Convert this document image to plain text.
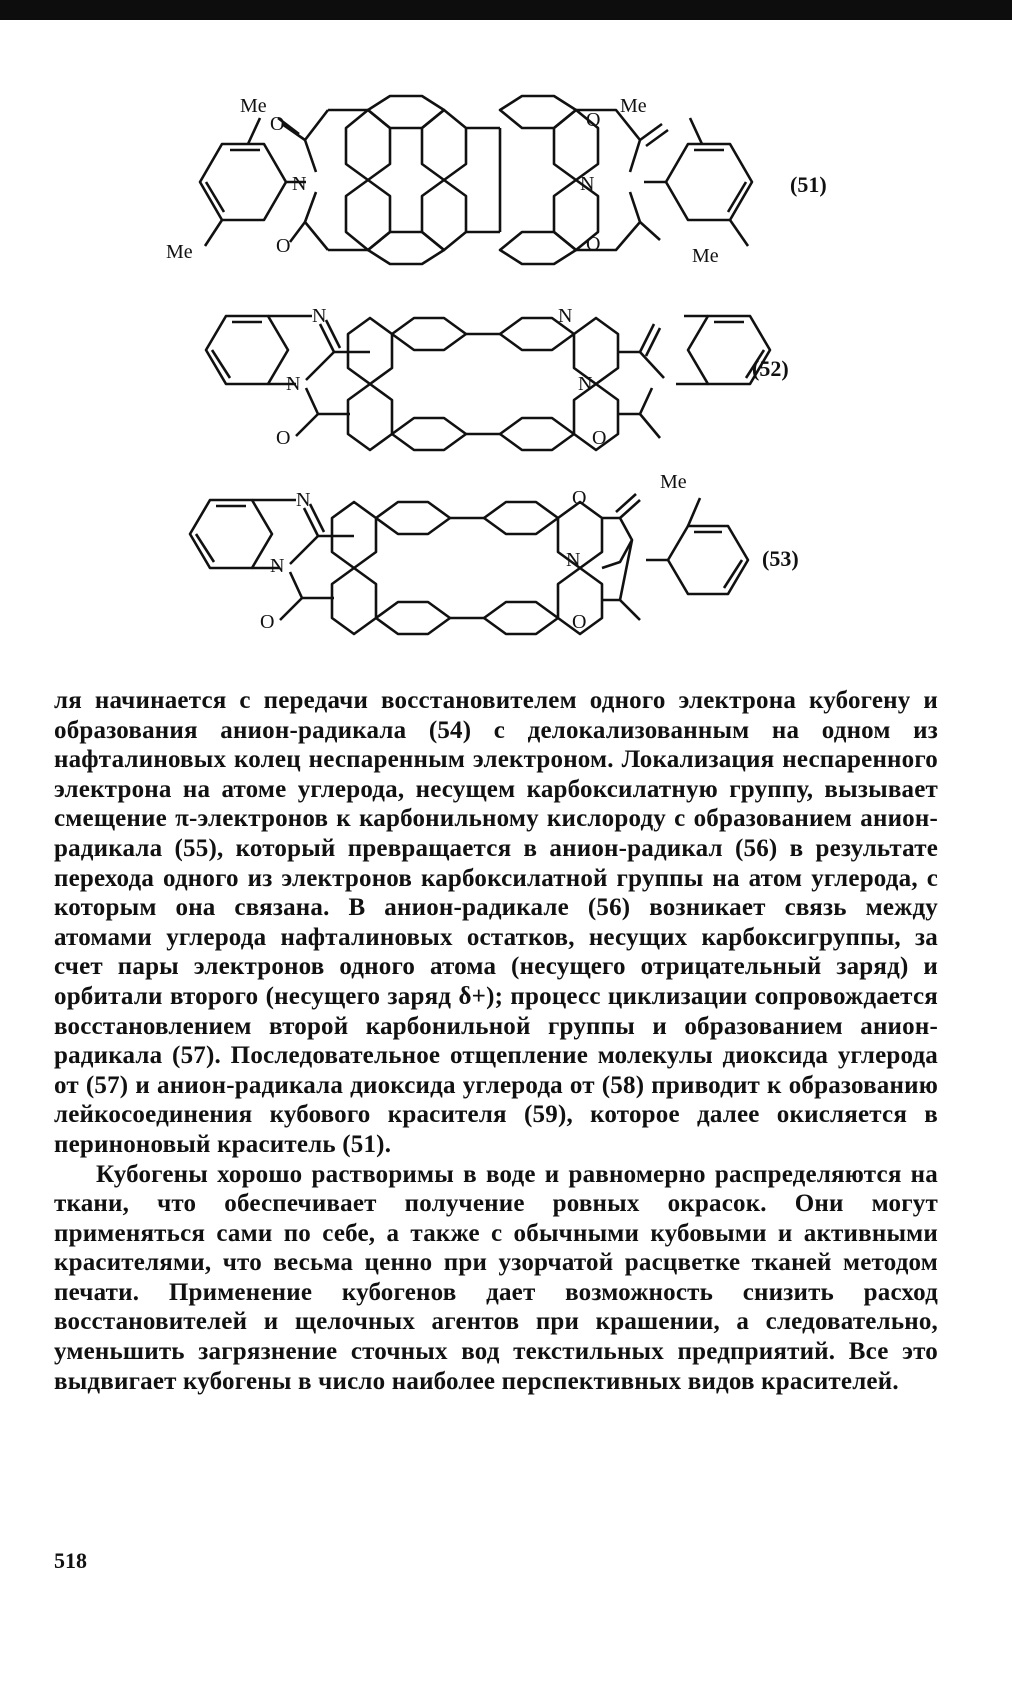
Me
O
N
O
Me
O
Me
N
O
Me
N
N
O
N
N
O
N
N
O
O
N
O
Me
(51)
(52)
(53)

ля начинается с передачи восстановителем одного электрона кубогену и образования анион-радикала (54) с делокализованным на одном из нафталиновых колец неспаренным электроном. Локализация неспаренного электрона на атоме углерода, несущем карбоксилатную группу, вызывает смещение π-электронов к карбонильному кислороду с образованием анион-радикала (55), который превращается в анион-радикал (56) в результате перехода одного из электронов карбоксилатной группы на атом углерода, с которым она связана. В анион-радикале (56) возникает связь между атомами углерода нафталиновых остатков, несущих карбоксигруппы, за счет пары электронов одного атома (несущего отрицательный заряд) и орбитали второго (несущего заряд δ+); процесс циклизации сопровождается восстановлением второй карбонильной группы и образованием анион-радикала (57). Последовательное отщепление молекулы диоксида углерода от (57) и анион-радикала диоксида углерода от (58) приводит к образованию лейкосоединения кубового красителя (59), которое далее окисляется в периноновый краситель (51).

Кубогены хорошо растворимы в воде и равномерно распределяются на ткани, что обеспечивает получение ровных окрасок. Они могут применяться сами по себе, а также с обычными кубовыми и активными красителями, что весьма ценно при узорчатой расцветке тканей методом печати. Применение кубогенов дает возможность снизить расход восстановителей и щелочных агентов при крашении, а следовательно, уменьшить загрязнение сточных вод текстильных предприятий. Все это выдвигает кубогены в число наиболее перспективных видов красителей.

518
